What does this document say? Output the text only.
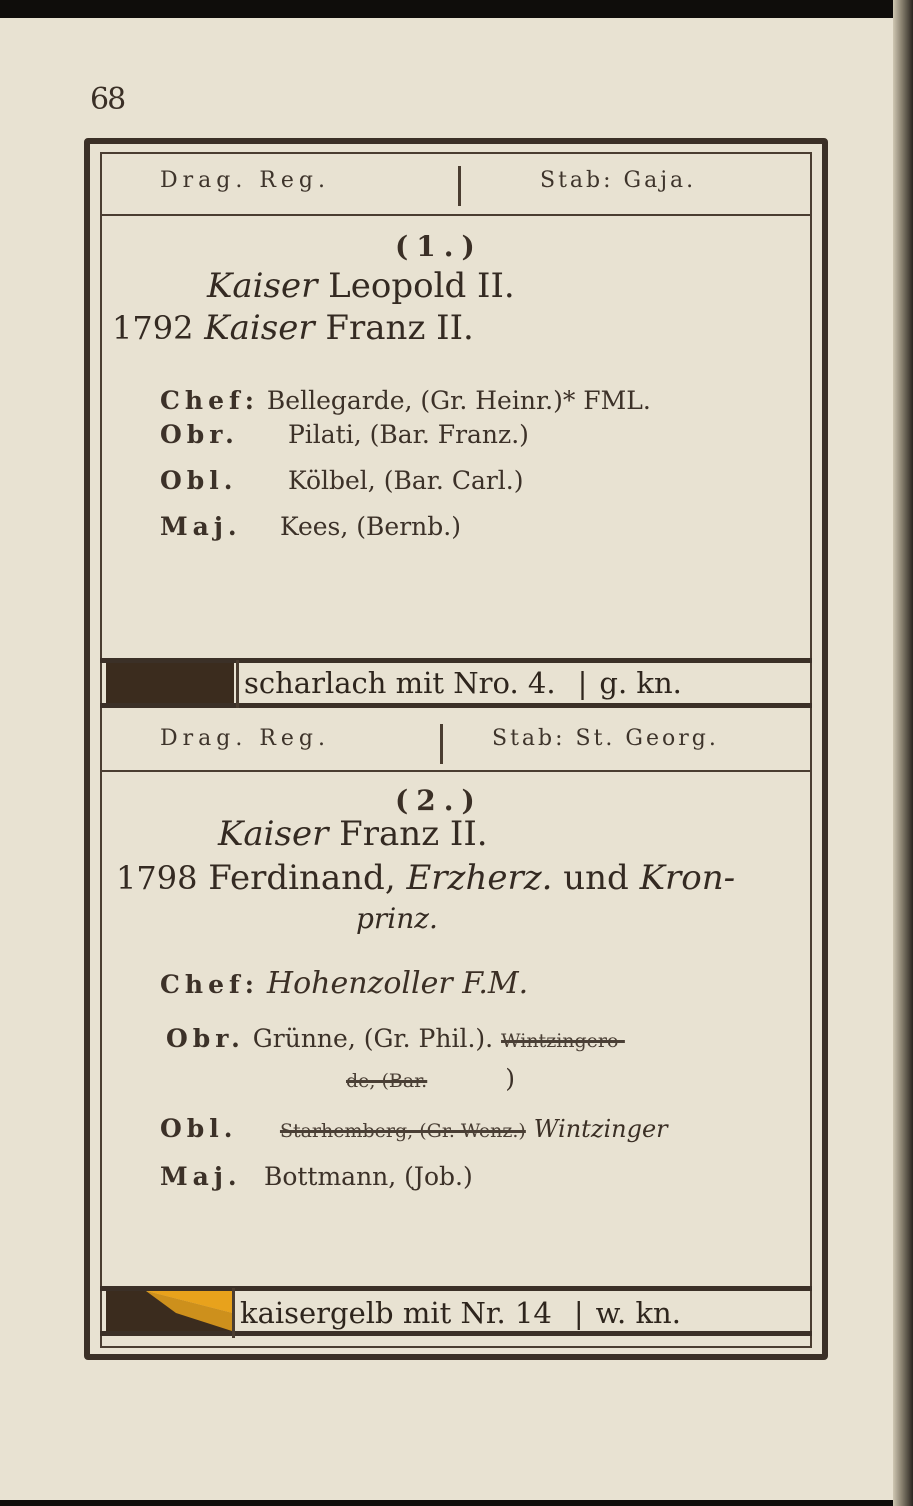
68
Drag. Reg.	Stab: Gaja.
(1.)
Kaiser Leopold II.
1792 Kaiser Franz II.
Chef: Bellegarde, (Gr. Heinr.)* FML.
Obr. Pilati, (Bar. Franz.)
Obl. Kölbel, (Bar. Carl.)
Maj. Kees, (Bernb.)
scharlach mit Nro. 4. | g. kn.
Drag. Reg.	Stab: St. Georg.
(2.)
Kaiser Franz II.
1798 Ferdinand, Erzherz. und Kron-
prinz.
Chef: Hohenzoller F.M.
Obr. Grünne, (Gr. Phil.). Wintzingero-
de, (Bar.	)
Obl. Starhemberg, (Gr. Wenz.) Wintzinger
Maj. Bottmann, (Job.)
kaisergelb mit Nr. 14 | w. kn.
